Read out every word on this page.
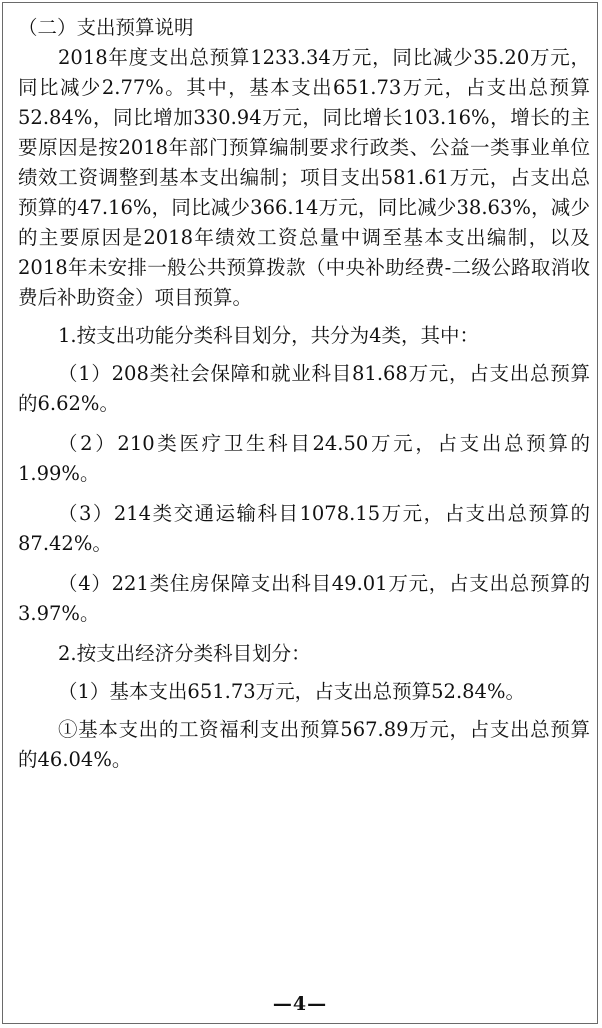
（二）支出预算说明

2018年度支出总预算1233.34万元，同比减少35.20万元，同比减少2.77%。其中，基本支出651.73万元，占支出总预算52.84%，同比增加330.94万元，同比增长103.16%，增长的主要原因是按2018年部门预算编制要求行政类、公益一类事业单位绩效工资调整到基本支出编制；项目支出581.61万元，占支出总预算的47.16%，同比减少366.14万元，同比减少38.63%，减少的主要原因是2018年绩效工资总量中调至基本支出编制，以及2018年未安排一般公共预算拨款（中央补助经费-二级公路取消收费后补助资金）项目预算。

1.按支出功能分类科目划分，共分为4类，其中：

（1）208类社会保障和就业科目81.68万元，占支出总预算的6.62%。

（2）210类医疗卫生科目24.50万元，占支出总预算的1.99%。

（3）214类交通运输科目1078.15万元，占支出总预算的87.42%。

（4）221类住房保障支出科目49.01万元，占支出总预算的3.97%。

2.按支出经济分类科目划分：

（1）基本支出651.73万元，占支出总预算52.84%。

①基本支出的工资福利支出预算567.89万元，占支出总预算的46.04%。

—4—
